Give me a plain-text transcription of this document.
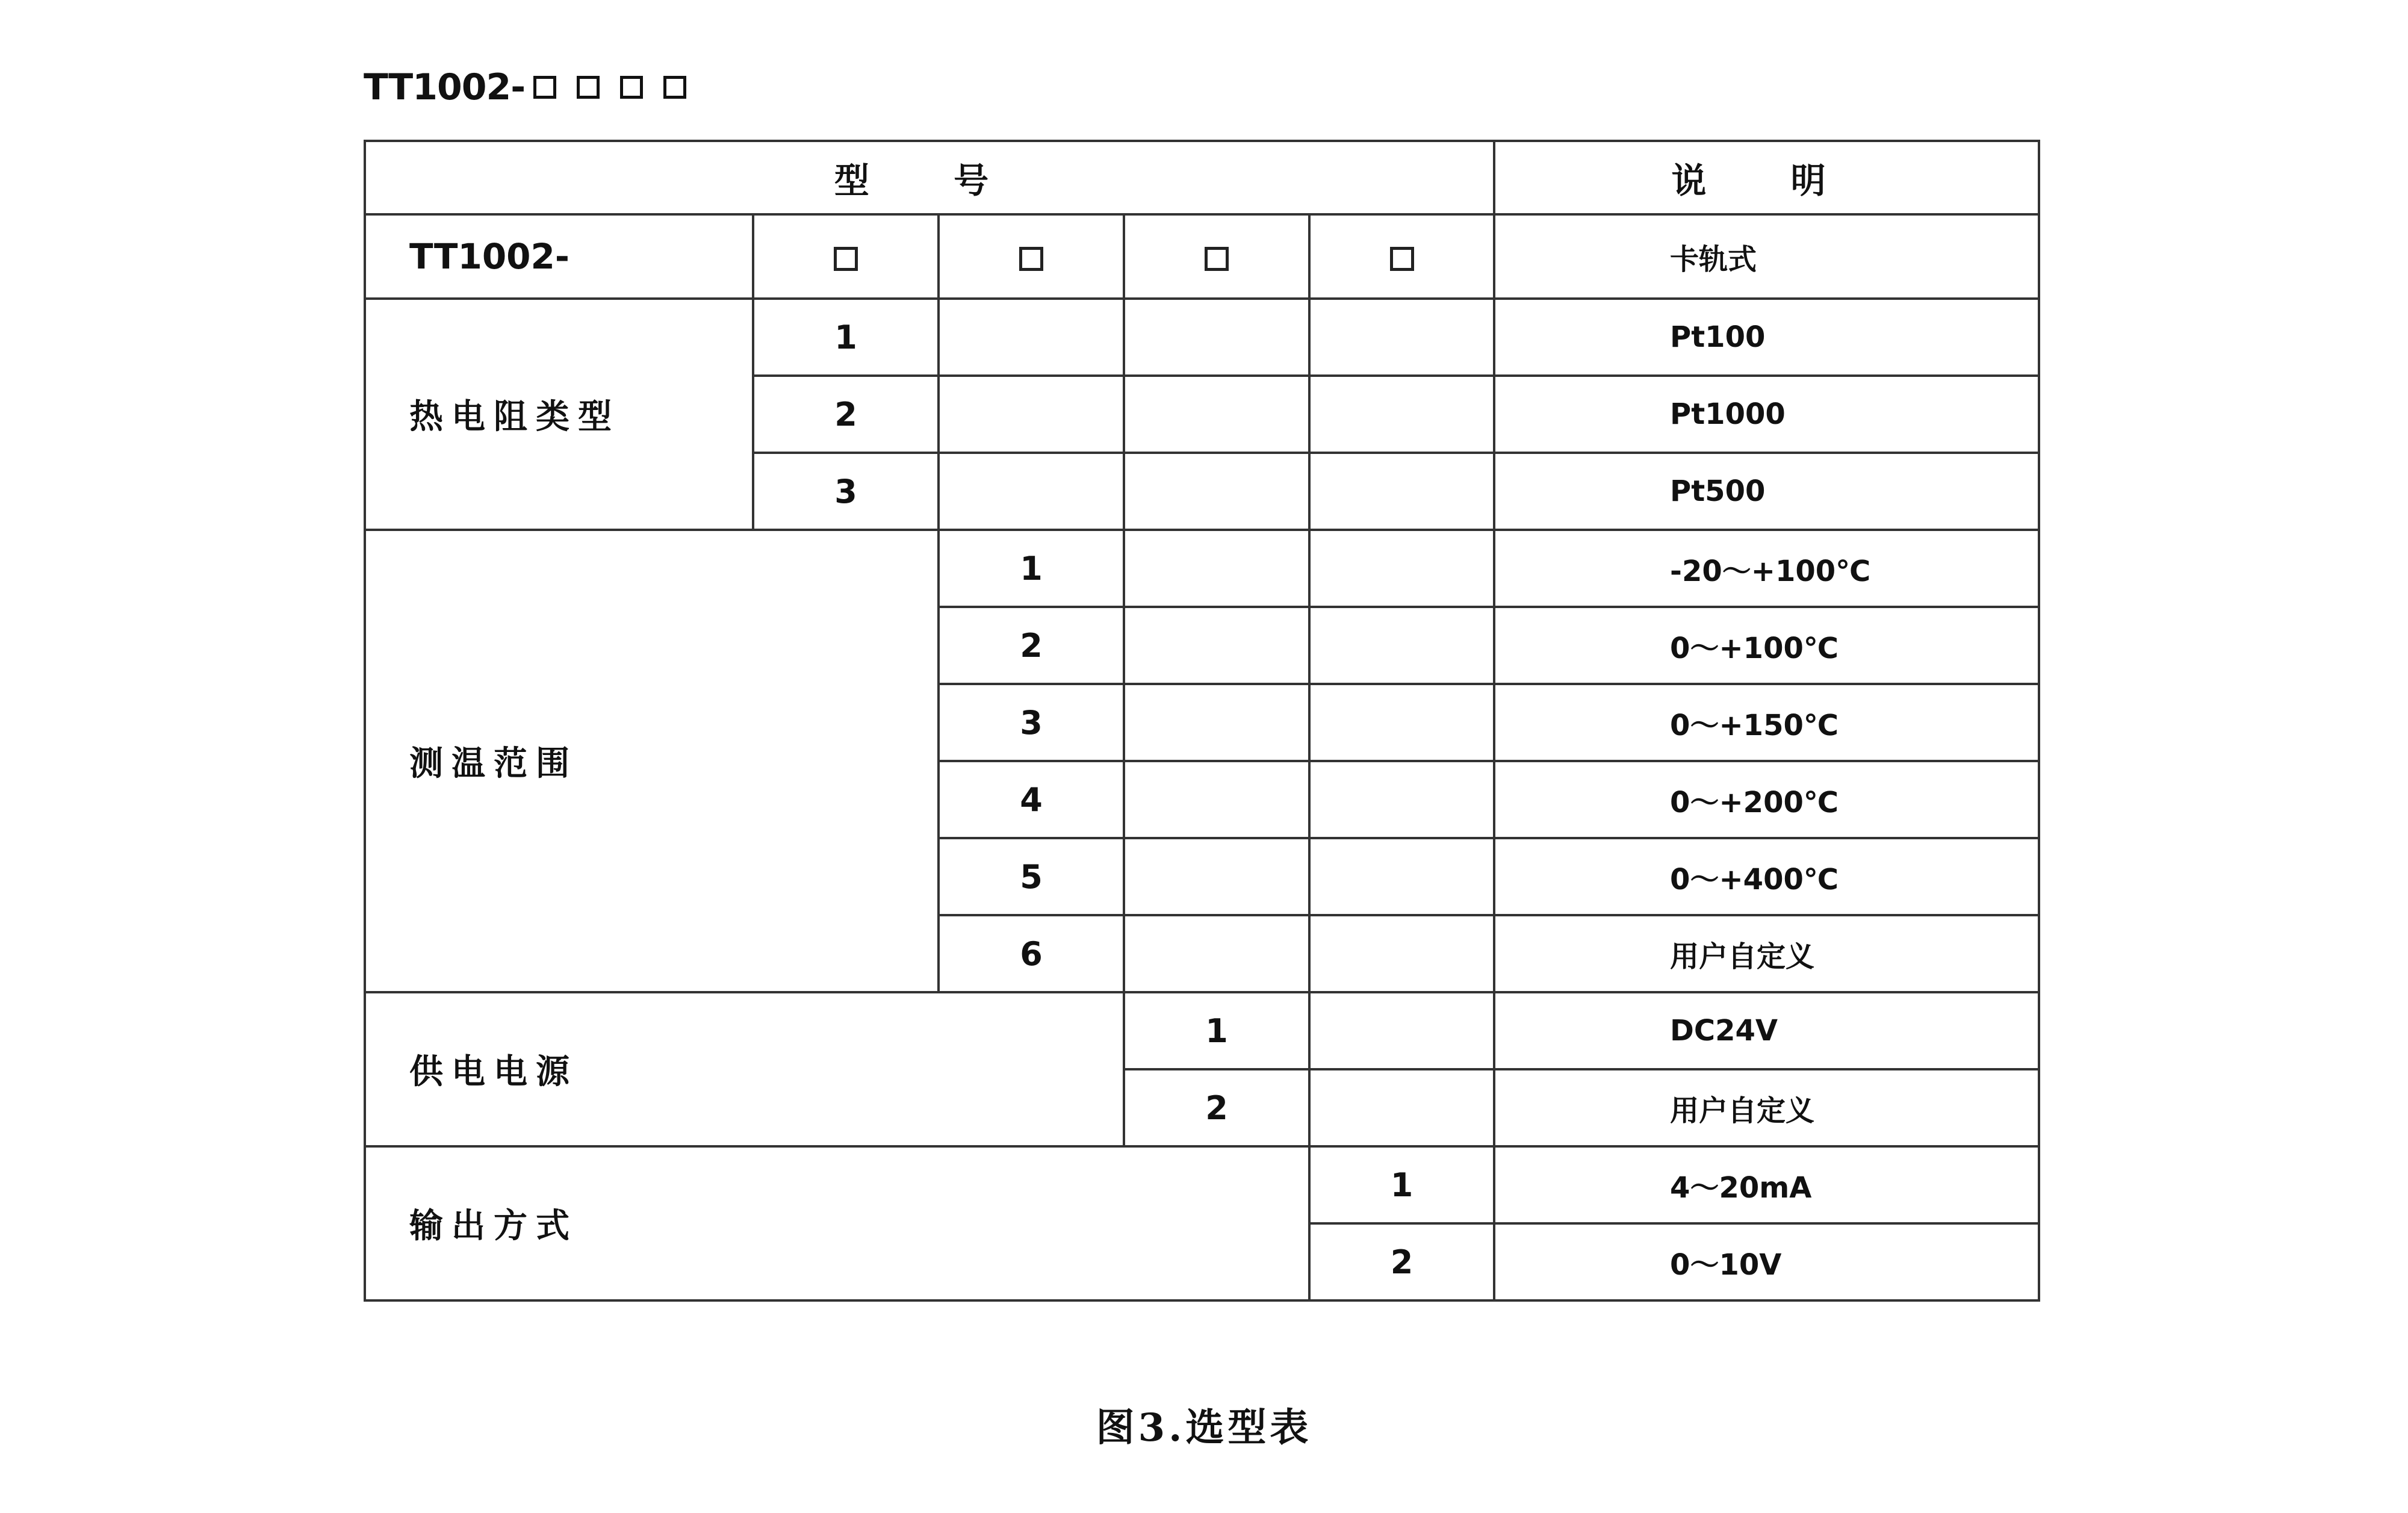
TT1002-
型 号					说 明
TT1002-					卡轨式
热电阻类型	1				Pt100
	2				Pt1000
	3				Pt500
测温范围		1			-20～+100℃
		2			0～+100℃
		3			0～+150℃
		4			0～+200℃
		5			0～+400℃
		6			用户自定义
供电电源			1		DC24V
			2		用户自定义
输出方式				1	4～20mA
				2	0～10V
图3.选型表
